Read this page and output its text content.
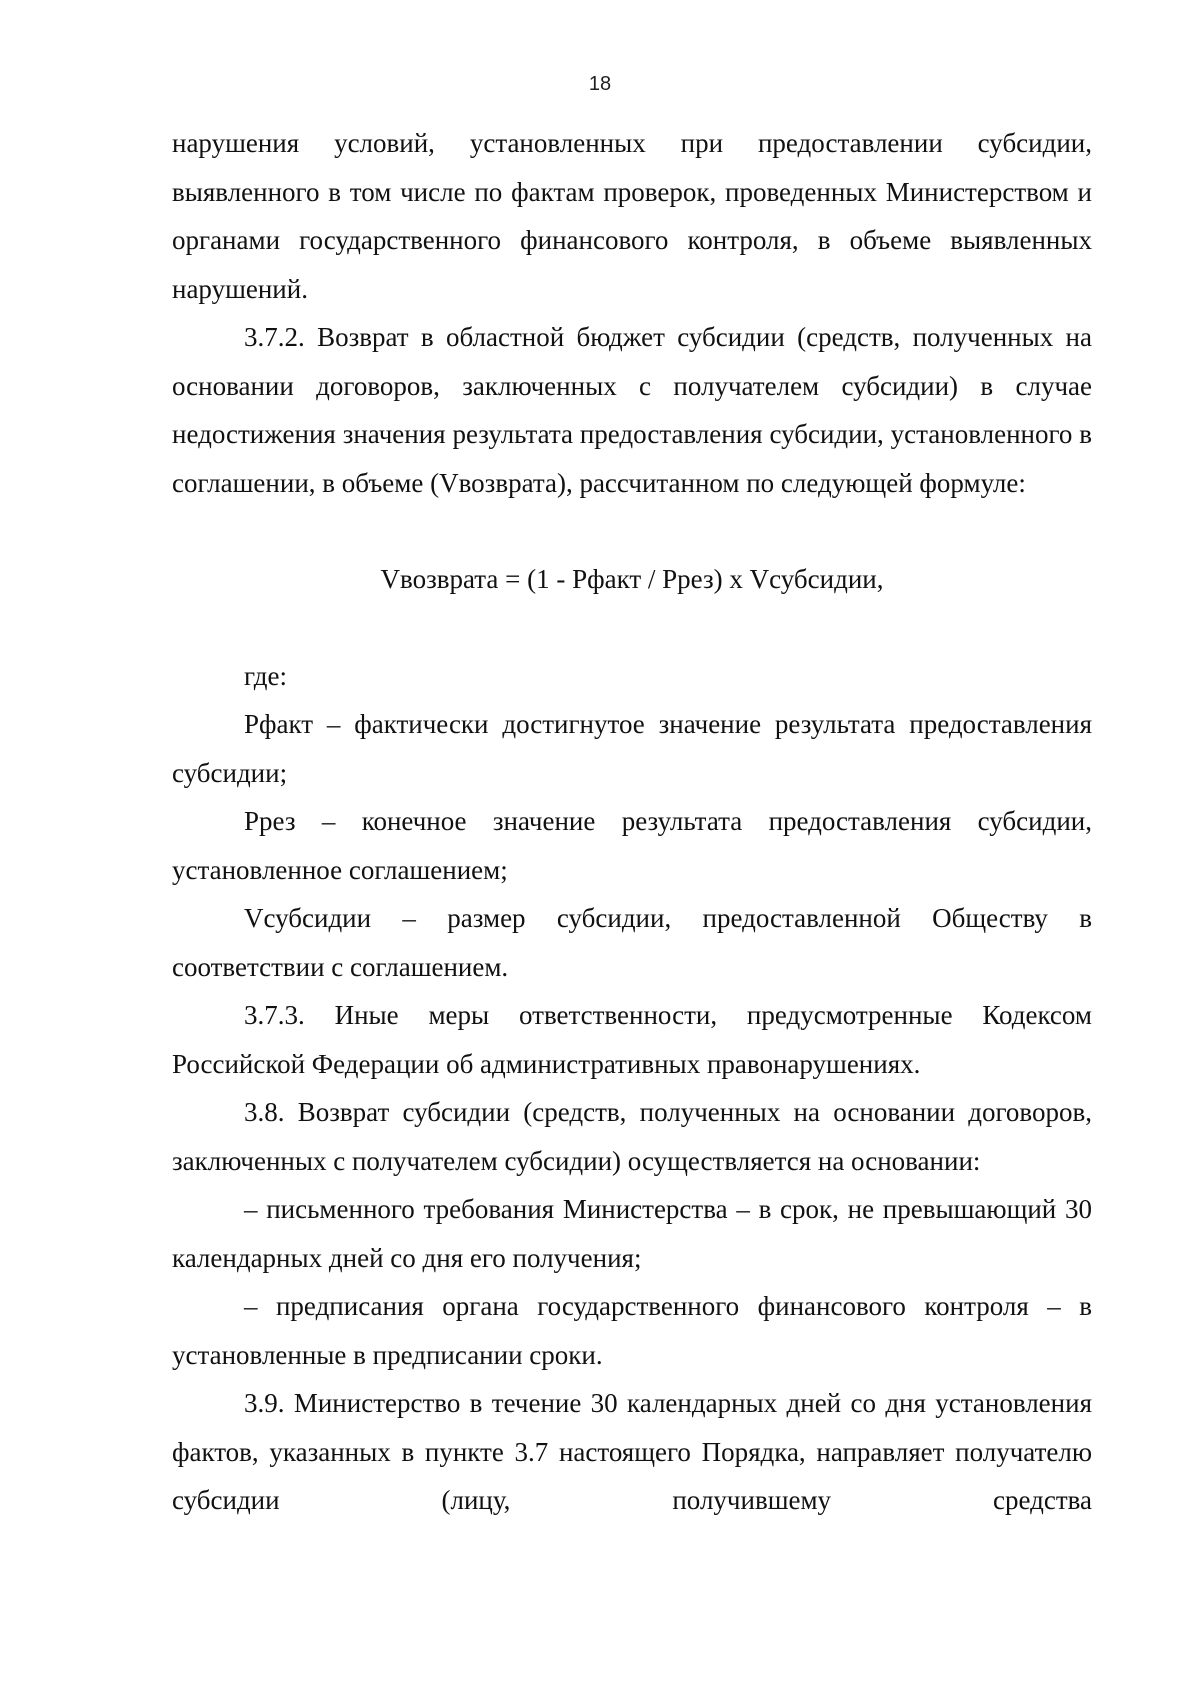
18

нарушения условий, установленных при предоставлении субсидии, выявленного в том числе по фактам проверок, проведенных Министерством и органами государственного финансового контроля, в объеме выявленных нарушений.

3.7.2. Возврат в областной бюджет субсидии (средств, полученных на основании договоров, заключенных с получателем субсидии) в случае недостижения значения результата предоставления субсидии, установленного в соглашении, в объеме (Vвозврата), рассчитанном по следующей формуле:

Vвозврата = (1 - Pфакт / Pрез) х Vсубсидии,

где:

Pфакт – фактически достигнутое значение результата предоставления субсидии;

Pрез – конечное значение результата предоставления субсидии, установленное соглашением;

Vсубсидии – размер субсидии, предоставленной Обществу в соответствии с соглашением.

3.7.3. Иные меры ответственности, предусмотренные Кодексом Российской Федерации об административных правонарушениях.

3.8. Возврат субсидии (средств, полученных на основании договоров, заключенных с получателем субсидии) осуществляется на основании:

– письменного требования Министерства – в срок, не превышающий 30 календарных дней со дня его получения;

– предписания органа государственного финансового контроля – в установленные в предписании сроки.

3.9. Министерство в течение 30 календарных дней со дня установления фактов, указанных в пункте 3.7 настоящего Порядка, направляет получателю субсидии (лицу, получившему средства
